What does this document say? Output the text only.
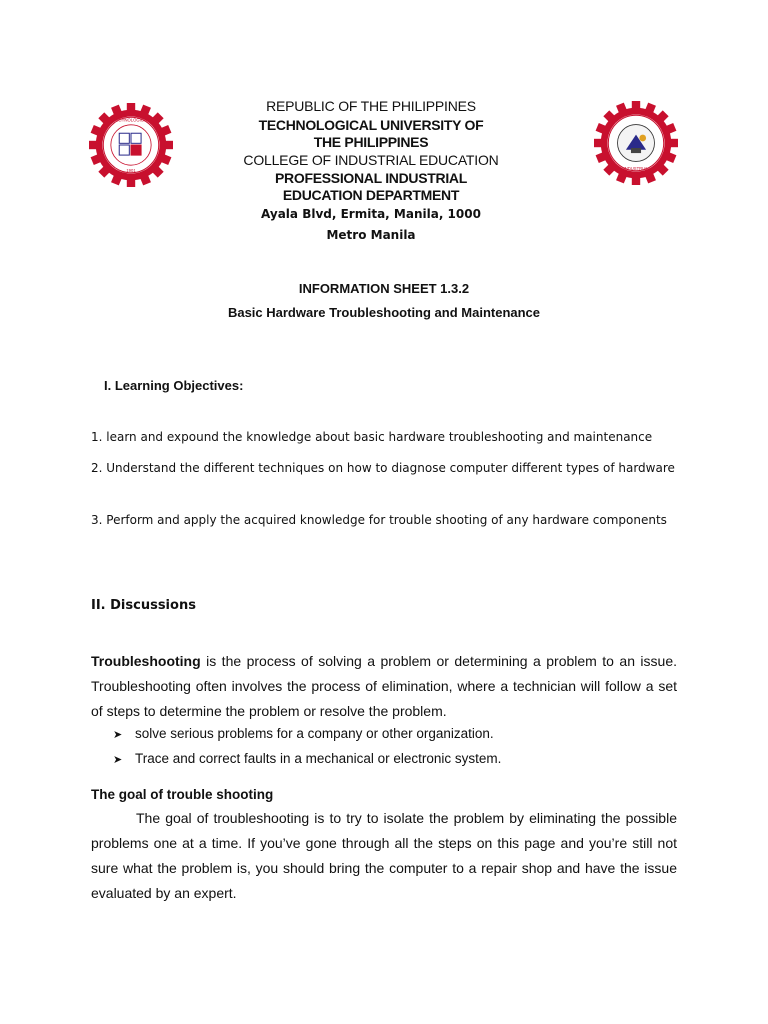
TECHNOLOGICAL
1901	INDUSTRIAL
REPUBLIC OF THE PHILIPPINES
TECHNOLOGICAL UNIVERSITY OF THE PHILIPPINES
COLLEGE OF INDUSTRIAL EDUCATION
PROFESSIONAL INDUSTRIAL EDUCATION DEPARTMENT
Ayala Blvd, Ermita, Manila, 1000 Metro Manila
INFORMATION SHEET 1.3.2
Basic Hardware Troubleshooting and Maintenance
I. Learning Objectives:
1. learn and expound the knowledge about basic hardware troubleshooting and maintenance
2. Understand the different techniques on how to diagnose computer different types of hardware
3. Perform and apply the acquired knowledge for trouble shooting of any hardware components
II. Discussions
Troubleshooting is the process of solving a problem or determining a problem to an issue. Troubleshooting often involves the process of elimination, where a technician will follow a set of steps to determine the problem or resolve the problem.
➤ solve serious problems for a company or other organization.
➤ Trace and correct faults in a mechanical or electronic system.
The goal of trouble shooting
The goal of troubleshooting is to try to isolate the problem by eliminating the possible problems one at a time. If you’ve gone through all the steps on this page and you’re still not sure what the problem is, you should bring the computer to a repair shop and have the issue evaluated by an expert.
